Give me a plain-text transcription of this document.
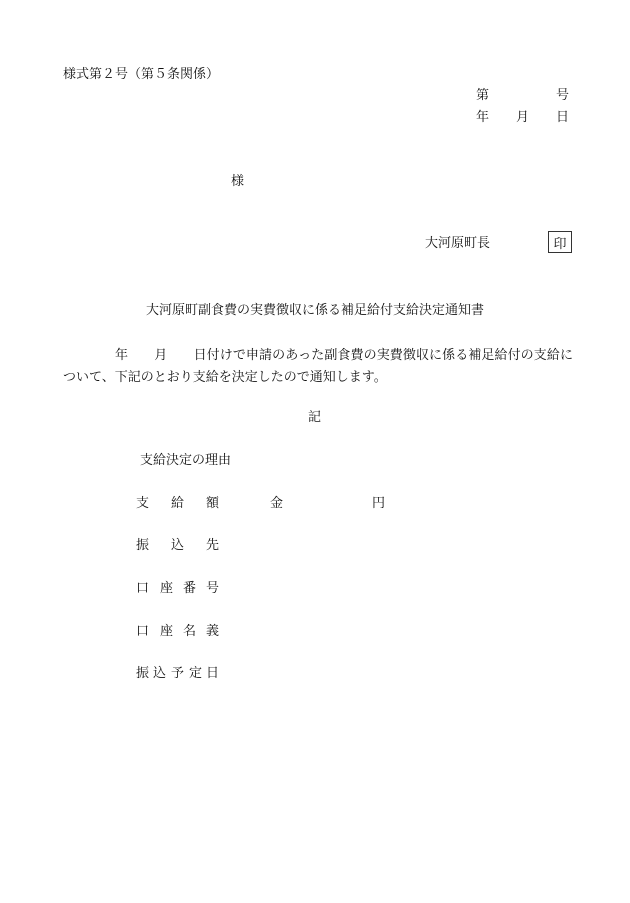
様式第２号（第５条関係）
第	号
年 月 日
様
大河原町長	印
大河原町副食費の実費徴収に係る補足給付支給決定通知書
年　　 月　　 日付けで申請のあった副食費の実費徴収に係る補足給付の支給について、下記のとおり支給を決定したので通知します。
記
支給決定の理由
支 給 額	金	円
振 込 先
口 座 番 号
口 座 名 義
振 込 予 定 日
